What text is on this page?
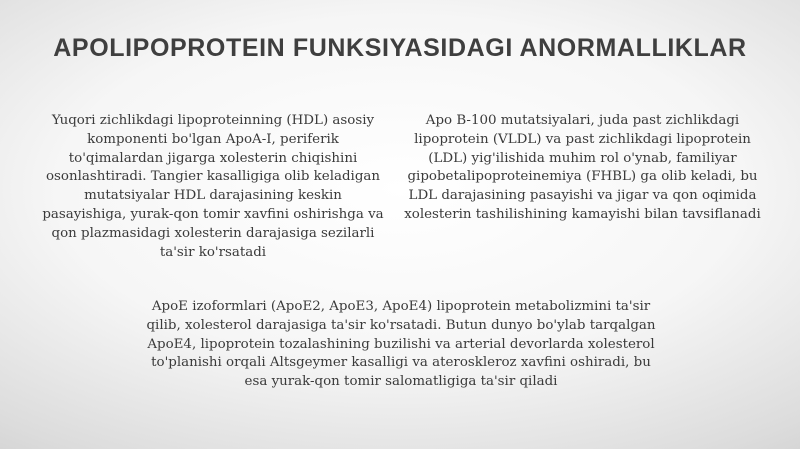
APOLIPOPROTEIN FUNKSIYASIDAGI ANORMALLIKLAR

Yuqori zichlikdagi lipoproteinning (HDL) asosiy komponenti bo'lgan ApoA-I, periferik to'qimalardan jigarga xolesterin chiqishini osonlashtiradi. Tangier kasalligiga olib keladigan mutatsiyalar HDL darajasining keskin pasayishiga, yurak-qon tomir xavfini oshirishga va qon plazmasidagi xolesterin darajasiga sezilarli ta'sir ko'rsatadi

Apo B-100 mutatsiyalari, juda past zichlikdagi lipoprotein (VLDL) va past zichlikdagi lipoprotein (LDL) yig'ilishida muhim rol o'ynab, familiyar gipobetalipoproteinemiya (FHBL) ga olib keladi, bu LDL darajasining pasayishi va jigar va qon oqimida xolesterin tashilishining kamayishi bilan tavsiflanadi

ApoE izoformlari (ApoE2, ApoE3, ApoE4) lipoprotein metabolizmini ta'sir qilib, xolesterol darajasiga ta'sir ko'rsatadi. Butun dunyo bo'ylab tarqalgan ApoE4, lipoprotein tozalashining buzilishi va arterial devorlarda xolesterol to'planishi orqali Altsgeymer kasalligi va ateroskleroz xavfini oshiradi, bu esa yurak-qon tomir salomatligiga ta'sir qiladi
